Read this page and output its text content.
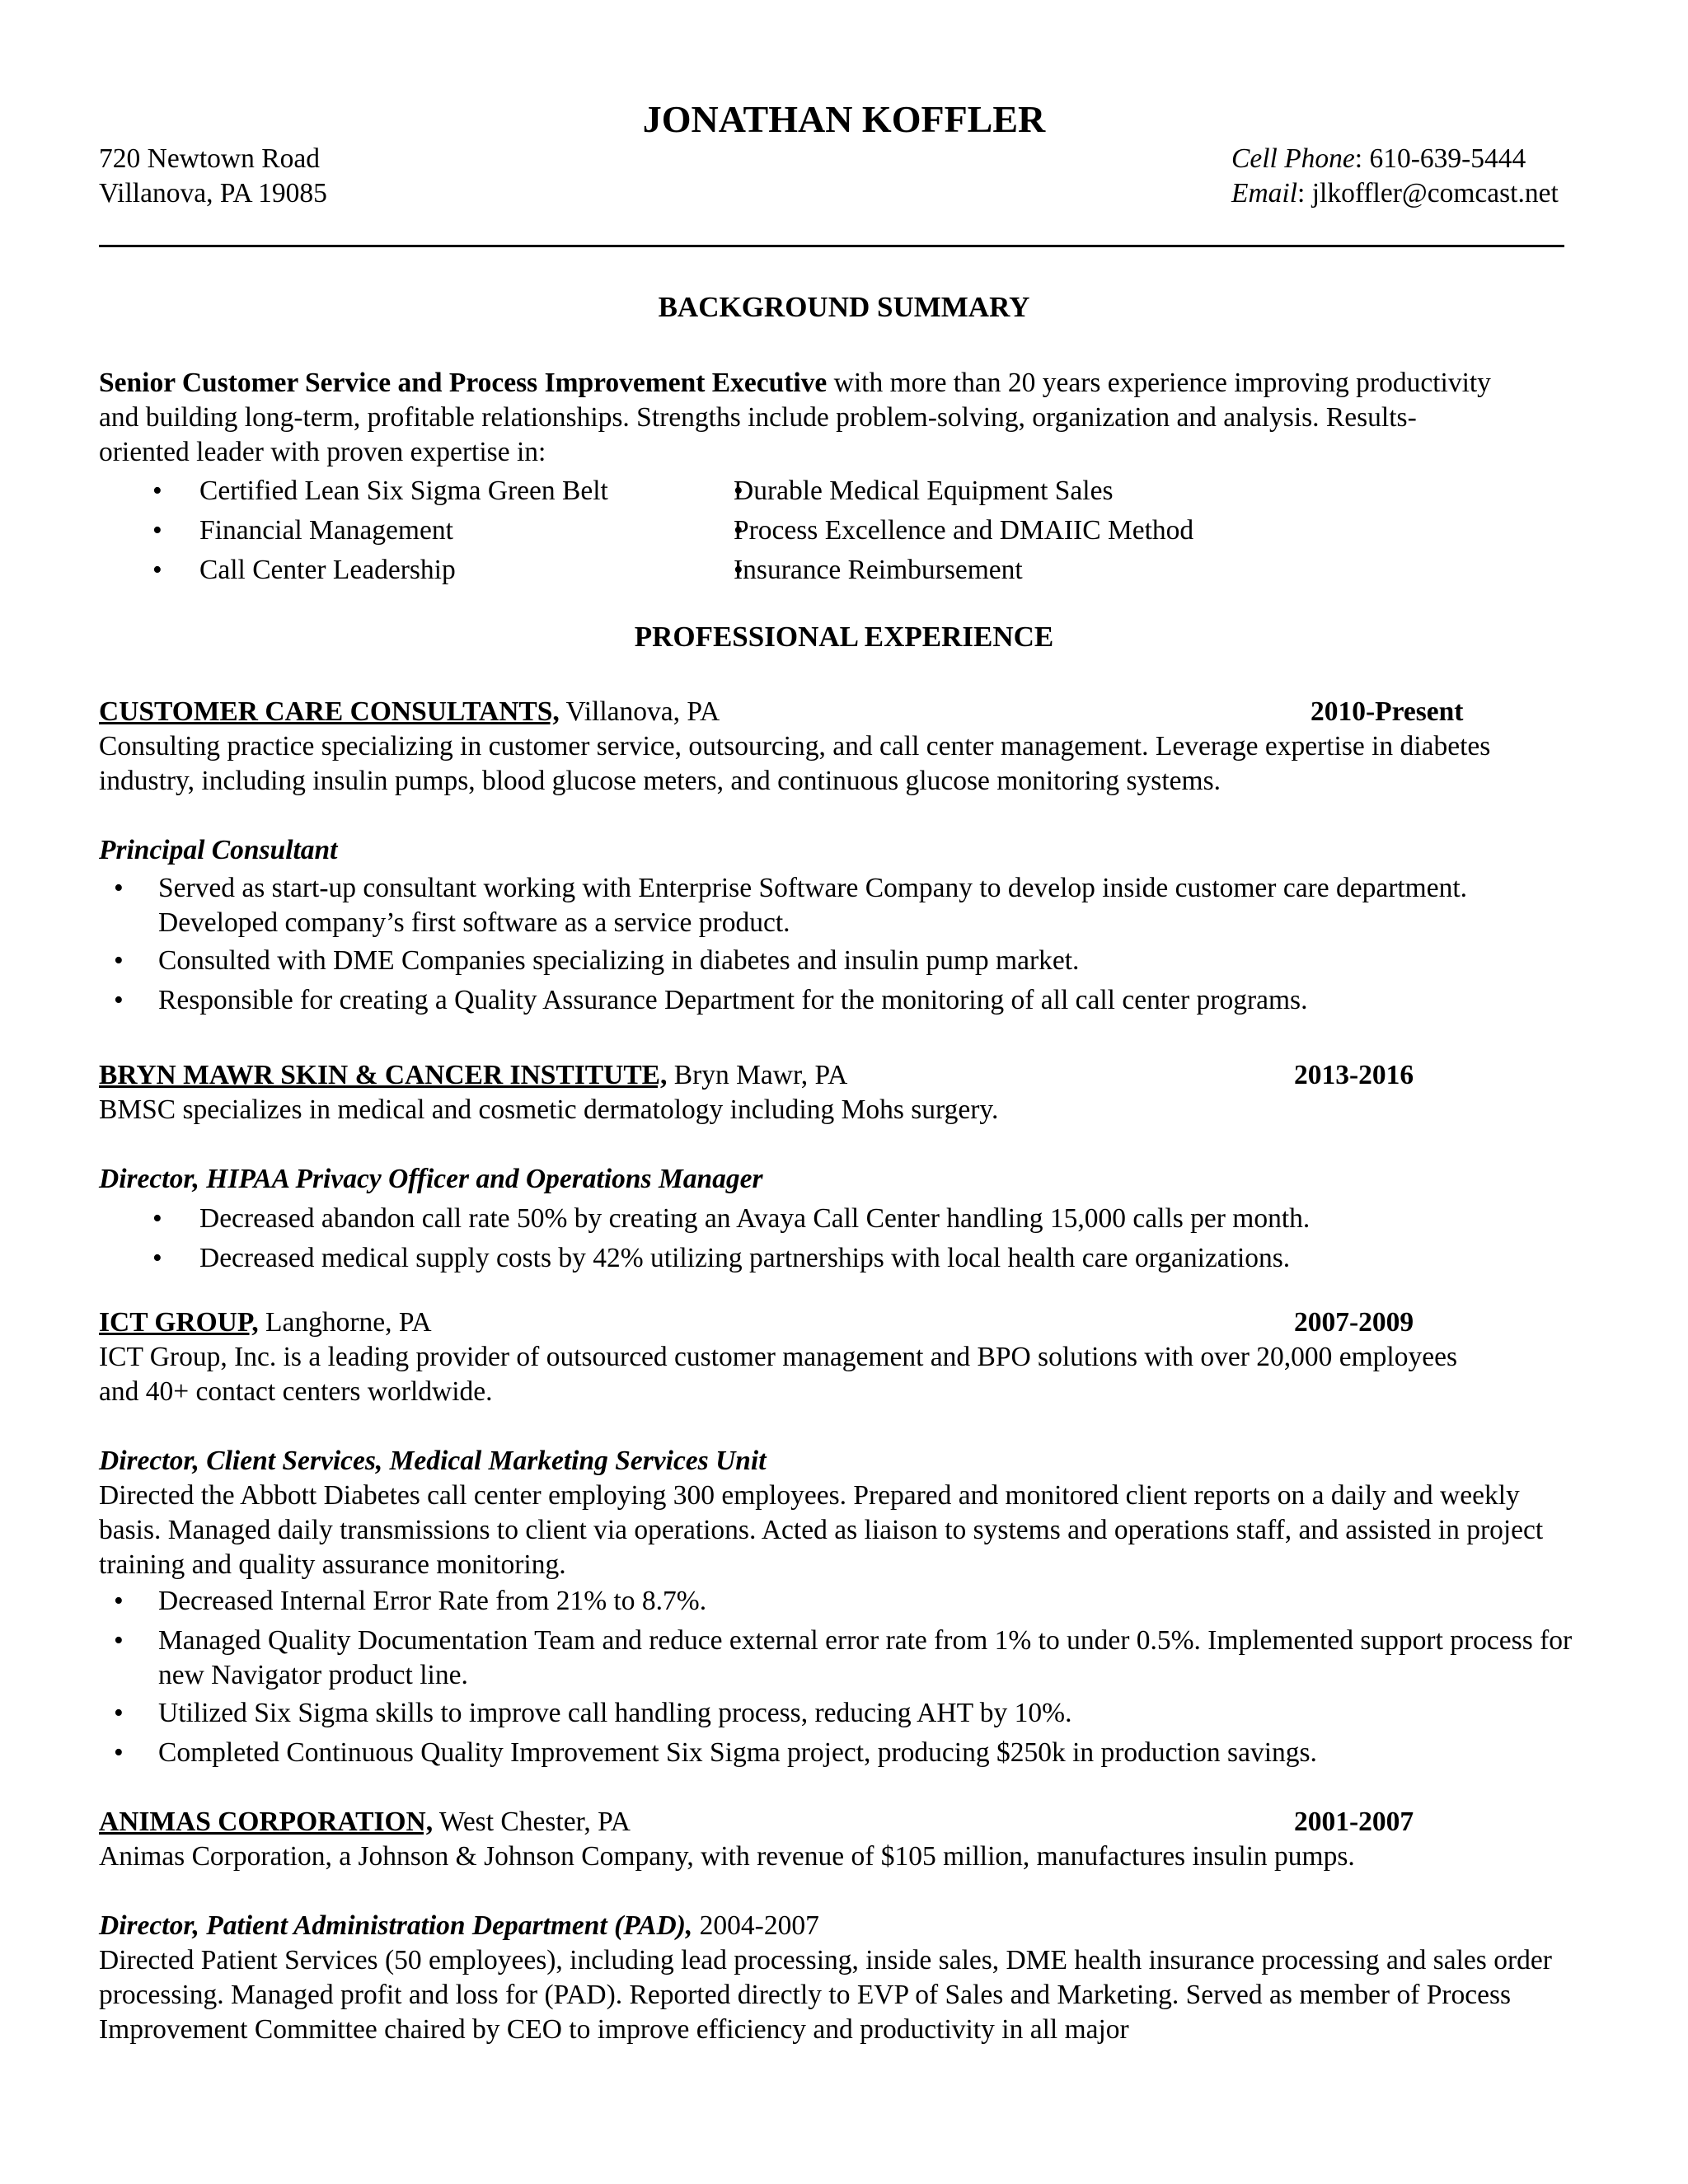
JONATHAN KOFFLER
720 Newtown Road	Cell Phone: 610-639-5444
Villanova, PA 19085	Email: jlkoffler@comcast.net
BACKGROUND SUMMARY

Senior Customer Service and Process Improvement Executive with more than 20 years experience improving productivity and building long-term, profitable relationships. Strengths include problem-solving, organization and analysis. Results-oriented leader with proven expertise in:

• Certified Lean Six Sigma Green Belt
• Financial Management
• Call Center Leadership
• Durable Medical Equipment Sales
• Process Excellence and DMAIIC Method
• Insurance Reimbursement
PROFESSIONAL EXPERIENCE
CUSTOMER CARE CONSULTANTS, Villanova, PA	2010-Present

Consulting practice specializing in customer service, outsourcing, and call center management. Leverage expertise in diabetes industry, including insulin pumps, blood glucose meters, and continuous glucose monitoring systems.

Principal Consultant

• Served as start-up consultant working with Enterprise Software Company to develop inside customer care department. Developed company’s first software as a service product.
• Consulted with DME Companies specializing in diabetes and insulin pump market.
• Responsible for creating a Quality Assurance Department for the monitoring of all call center programs.
BRYN MAWR SKIN & CANCER INSTITUTE, Bryn Mawr, PA	2013-2016

BMSC specializes in medical and cosmetic dermatology including Mohs surgery.

Director, HIPAA Privacy Officer and Operations Manager

• Decreased abandon call rate 50% by creating an Avaya Call Center handling 15,000 calls per month.
• Decreased medical supply costs by 42% utilizing partnerships with local health care organizations.
ICT GROUP, Langhorne, PA	2007-2009

ICT Group, Inc. is a leading provider of outsourced customer management and BPO solutions with over 20,000 employees and 40+ contact centers worldwide.

Director, Client Services, Medical Marketing Services Unit

Directed the Abbott Diabetes call center employing 300 employees. Prepared and monitored client reports on a daily and weekly basis. Managed daily transmissions to client via operations. Acted as liaison to systems and operations staff, and assisted in project training and quality assurance monitoring.

• Decreased Internal Error Rate from 21% to 8.7%.
• Managed Quality Documentation Team and reduce external error rate from 1% to under 0.5%. Implemented support process for new Navigator product line.
• Utilized Six Sigma skills to improve call handling process, reducing AHT by 10%.
• Completed Continuous Quality Improvement Six Sigma project, producing $250k in production savings.
ANIMAS CORPORATION, West Chester, PA	2001-2007

Animas Corporation, a Johnson & Johnson Company, with revenue of $105 million, manufactures insulin pumps.

Director, Patient Administration Department (PAD), 2004-2007

Directed Patient Services (50 employees), including lead processing, inside sales, DME health insurance processing and sales order processing. Managed profit and loss for (PAD). Reported directly to EVP of Sales and Marketing. Served as member of Process Improvement Committee chaired by CEO to improve efficiency and productivity in all major
